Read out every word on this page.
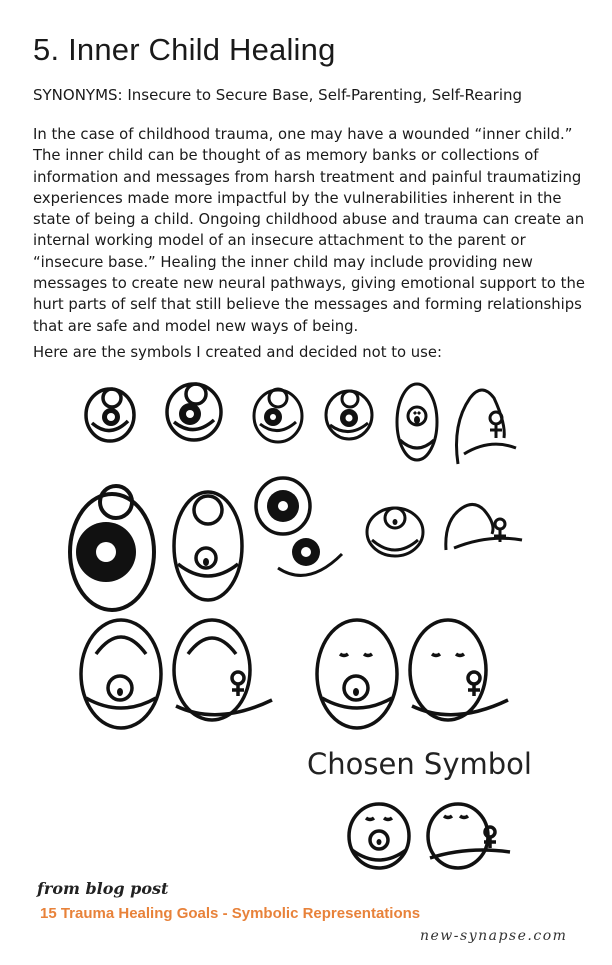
5. Inner Child Healing
SYNONYMS: Insecure to Secure Base, Self-Parenting, Self-Rearing

In the case of childhood trauma, one may have a wounded “inner child.” The inner child can be thought of as memory banks or collections of information and messages from harsh treatment and painful traumatizing experiences made more impactful by the vulnerabilities inherent in the state of being a child. Ongoing childhood abuse and trauma can create an internal working model of an insecure attachment to the parent or “insecure base.” Healing the inner child may include providing new messages to create new neural pathways, giving emotional support to the hurt parts of self that still believe the messages and forming relationships that are safe and model new ways of being.

Here are the symbols I created and decided not to use:
Chosen Symbol
from blog post
15 Trauma Healing Goals - Symbolic Representations
new-synapse.com
